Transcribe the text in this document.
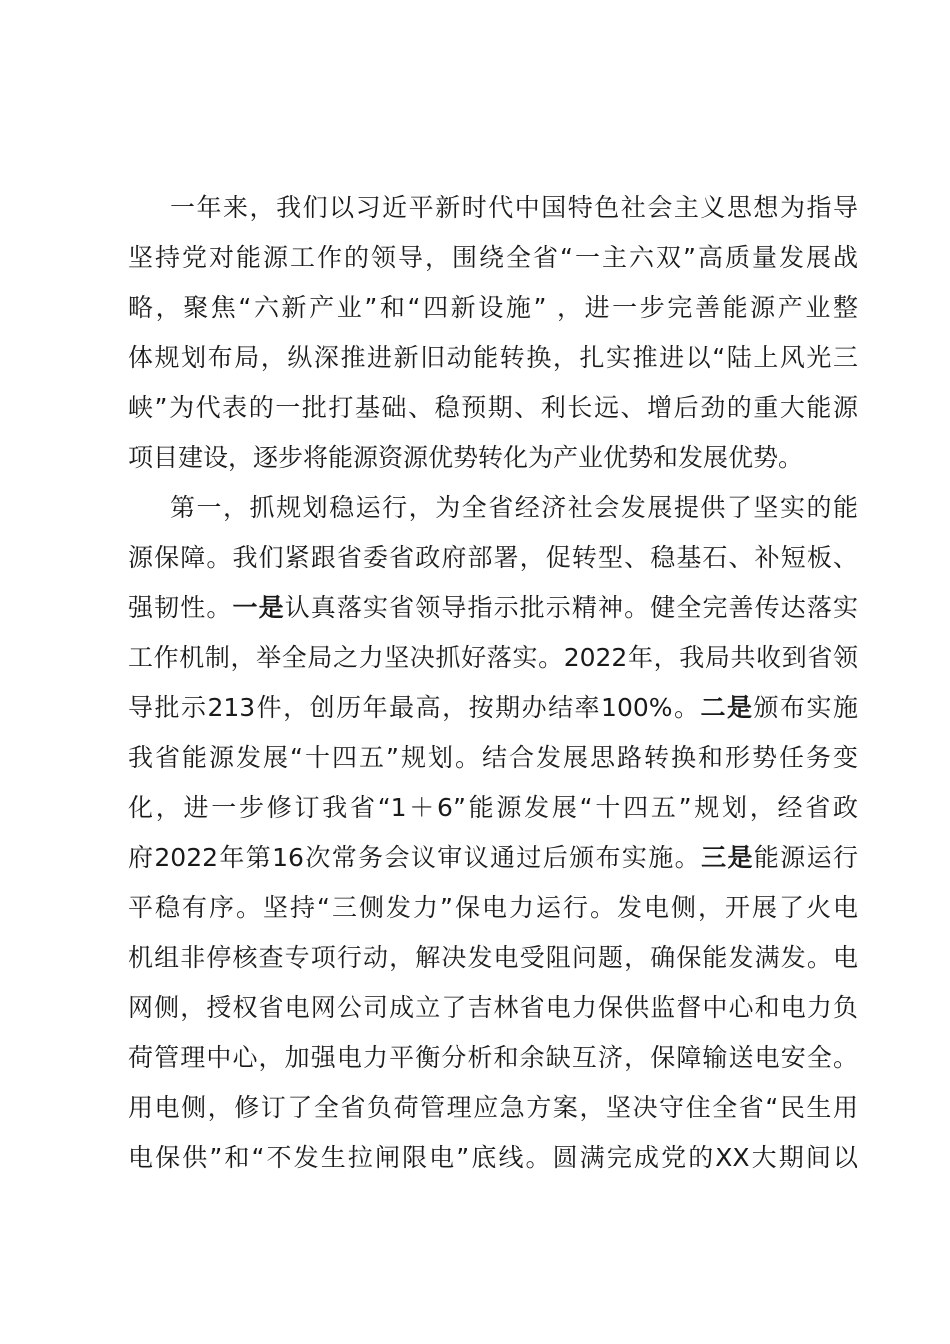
一年来，我们以习近平新时代中国特色社会主义思想为指导
坚持党对能源工作的领导，围绕全省“一主六双”高质量发展战
略，聚焦“六新产业”和“四新设施” ，进一步完善能源产业整
体规划布局，纵深推进新旧动能转换，扎实推进以“陆上风光三
峡”为代表的一批打基础、稳预期、利长远、增后劲的重大能源
项目建设，逐步将能源资源优势转化为产业优势和发展优势。
第一，抓规划稳运行，为全省经济社会发展提供了坚实的能
源保障。我们紧跟省委省政府部署，促转型、稳基石、补短板、
强韧性。一是认真落实省领导指示批示精神。健全完善传达落实
工作机制，举全局之力坚决抓好落实。2022年，我局共收到省领
导批示213件，创历年最高，按期办结率100%。二是颁布实施
我省能源发展“十四五”规划。结合发展思路转换和形势任务变
化，进一步修订我省“1＋6”能源发展“十四五”规划，经省政
府2022年第16次常务会议审议通过后颁布实施。三是能源运行
平稳有序。坚持“三侧发力”保电力运行。发电侧，开展了火电
机组非停核查专项行动，解决发电受阻问题，确保能发满发。电
网侧，授权省电网公司成立了吉林省电力保供监督中心和电力负
荷管理中心，加强电力平衡分析和余缺互济，保障输送电安全。
用电侧，修订了全省负荷管理应急方案，坚决守住全省“民生用
电保供”和“不发生拉闸限电”底线。圆满完成党的XX大期间以
